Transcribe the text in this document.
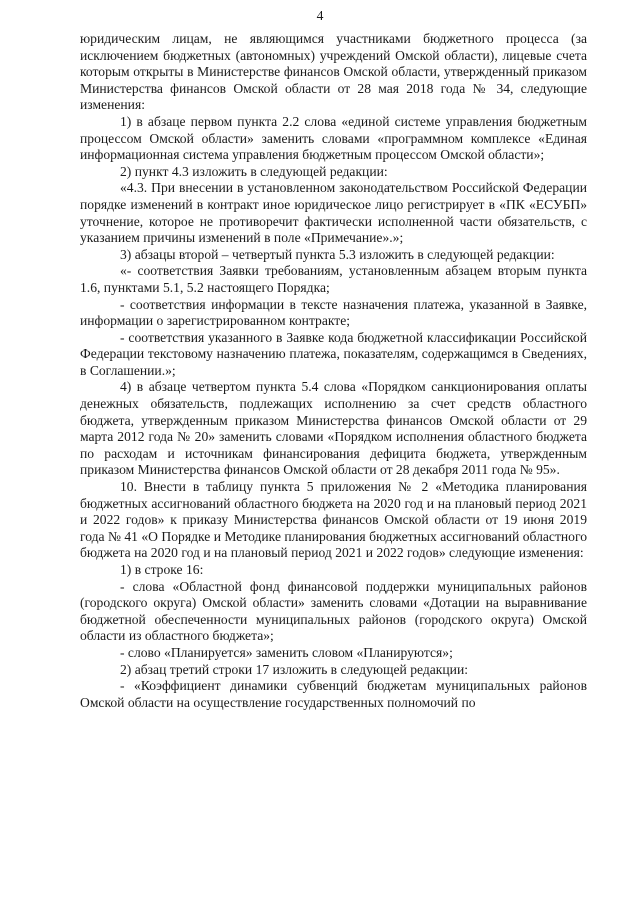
4

юридическим лицам, не являющимся участниками бюджетного процесса (за исключением бюджетных (автономных) учреждений Омской области), лицевые счета которым открыты в Министерстве финансов Омской области, утвержденный приказом Министерства финансов Омской области от 28 мая 2018 года № 34, следующие изменения:

1) в абзаце первом пункта 2.2 слова «единой системе управления бюджетным процессом Омской области» заменить словами «программном комплексе «Единая информационная система управления бюджетным процессом Омской области»;

2) пункт 4.3 изложить в следующей редакции:

«4.3. При внесении в установленном законодательством Российской Федерации порядке изменений в контракт иное юридическое лицо регистрирует в «ПК «ЕСУБП» уточнение, которое не противоречит фактически исполненной части обязательств, с указанием причины изменений в поле «Примечание».»;

3) абзацы второй – четвертый пункта 5.3 изложить в следующей редакции:

«- соответствия Заявки требованиям, установленным абзацем вторым пункта 1.6, пунктами 5.1, 5.2 настоящего Порядка;

- соответствия информации в тексте назначения платежа, указанной в Заявке, информации о зарегистрированном контракте;

- соответствия указанного в Заявке кода бюджетной классификации Российской Федерации текстовому назначению платежа, показателям, содержащимся в Сведениях, в Соглашении.»;

4) в абзаце четвертом пункта 5.4 слова «Порядком санкционирования оплаты денежных обязательств, подлежащих исполнению за счет средств областного бюджета, утвержденным приказом Министерства финансов Омской области от 29 марта 2012 года № 20» заменить словами «Порядком исполнения областного бюджета по расходам и источникам финансирования дефицита бюджета, утвержденным приказом Министерства финансов Омской области от 28 декабря 2011 года № 95».

10. Внести в таблицу пункта 5 приложения № 2 «Методика планирования бюджетных ассигнований областного бюджета на 2020 год и на плановый период 2021 и 2022 годов» к приказу Министерства финансов Омской области от 19 июня 2019 года № 41 «О Порядке и Методике планирования бюджетных ассигнований областного бюджета на 2020 год и на плановый период 2021 и 2022 годов» следующие изменения:

1) в строке 16:

- слова «Областной фонд финансовой поддержки муниципальных районов (городского округа) Омской области» заменить словами «Дотации на выравнивание бюджетной обеспеченности муниципальных районов (городского округа) Омской области из областного бюджета»;

- слово «Планируется» заменить словом «Планируются»;

2) абзац третий строки 17 изложить в следующей редакции:

- «Коэффициент динамики субвенций бюджетам муниципальных районов Омской области на осуществление государственных полномочий по
